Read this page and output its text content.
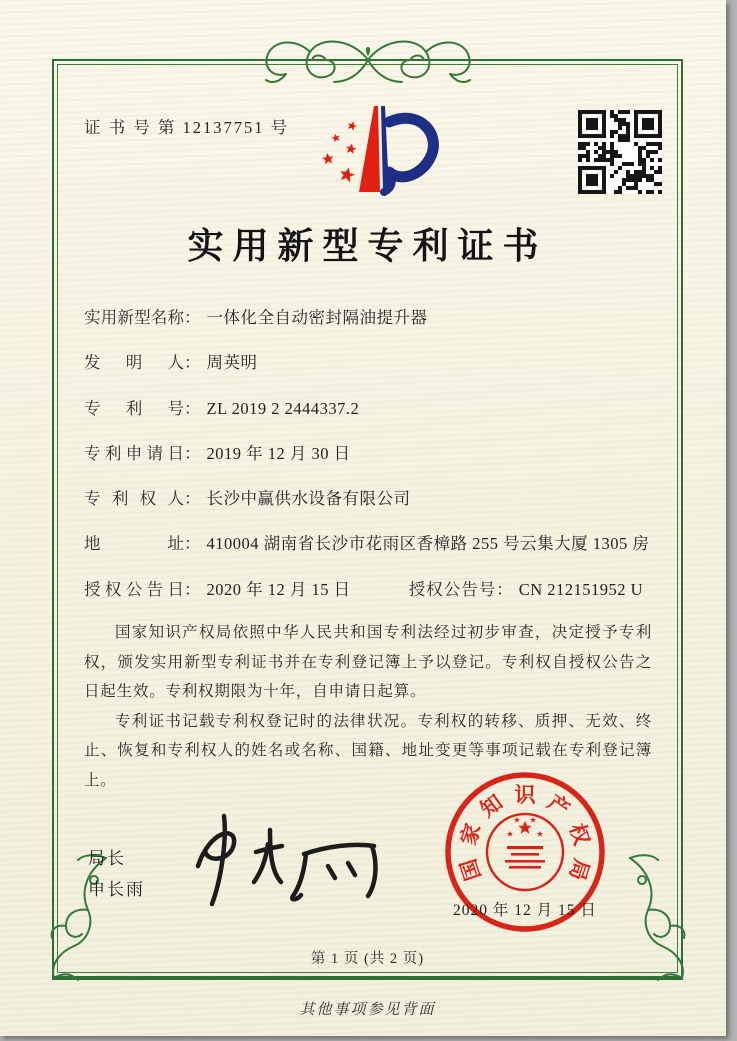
证 书 号 第 12137751 号
实用新型专利证书
实用新型名称： 一体化全自动密封隔油提升器
发明人： 周英明
专利号： ZL 2019 2 2444337.2
专利申请日： 2019 年 12 月 30 日
专利权人： 长沙中赢供水设备有限公司
地址： 410004 湖南省长沙市花雨区香樟路 255 号云集大厦 1305 房
授权公告日： 2020 年 12 月 15 日	授权公告号： CN 212151952 U

国家知识产权局依照中华人民共和国专利法经过初步审查，决定授予专利权，颁发实用新型专利证书并在专利登记簿上予以登记。专利权自授权公告之日起生效。专利权期限为十年，自申请日起算。

专利证书记载专利权登记时的法律状况。专利权的转移、质押、无效、终止、恢复和专利权人的姓名或名称、国籍、地址变更等事项记载在专利登记簿上。

局长
申长雨
国
家
知 识 产
权
局
2020 年 12 月 15 日
第 1 页 (共 2 页)
其他事项参见背面
